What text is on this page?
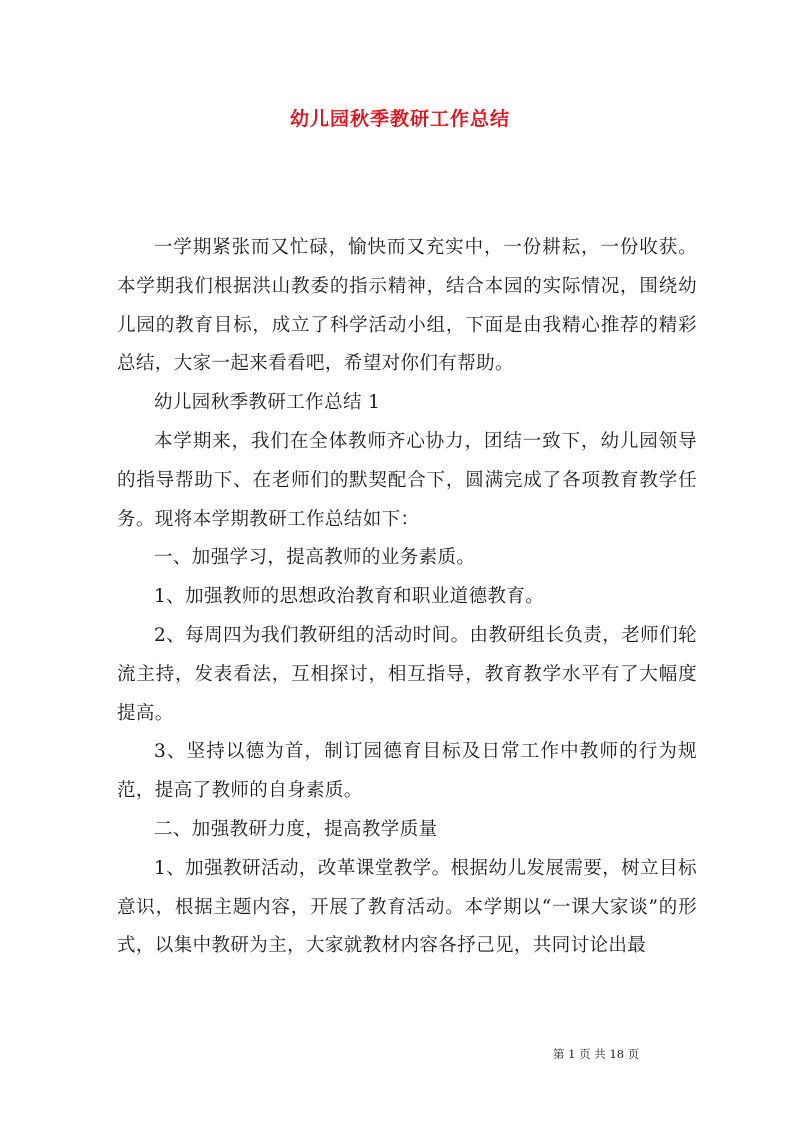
幼儿园秋季教研工作总结

一学期紧张而又忙碌，愉快而又充实中，一份耕耘，一份收获。本学期我们根据洪山教委的指示精神，结合本园的实际情况，围绕幼儿园的教育目标，成立了科学活动小组，下面是由我精心推荐的精彩总结，大家一起来看看吧，希望对你们有帮助。

幼儿园秋季教研工作总结 1

本学期来，我们在全体教师齐心协力，团结一致下，幼儿园领导的指导帮助下、在老师们的默契配合下，圆满完成了各项教育教学任务。现将本学期教研工作总结如下：

一、加强学习，提高教师的业务素质。

1、加强教师的思想政治教育和职业道德教育。

2、每周四为我们教研组的活动时间。由教研组长负责，老师们轮流主持，发表看法，互相探讨，相互指导，教育教学水平有了大幅度提高。

3、坚持以德为首，制订园德育目标及日常工作中教师的行为规范，提高了教师的自身素质。

二、加强教研力度，提高教学质量

1、加强教研活动，改革课堂教学。根据幼儿发展需要，树立目标意识，根据主题内容，开展了教育活动。本学期以“一课大家谈”的形式，以集中教研为主，大家就教材内容各抒己见，共同讨论出最

第 1 页 共 18 页
